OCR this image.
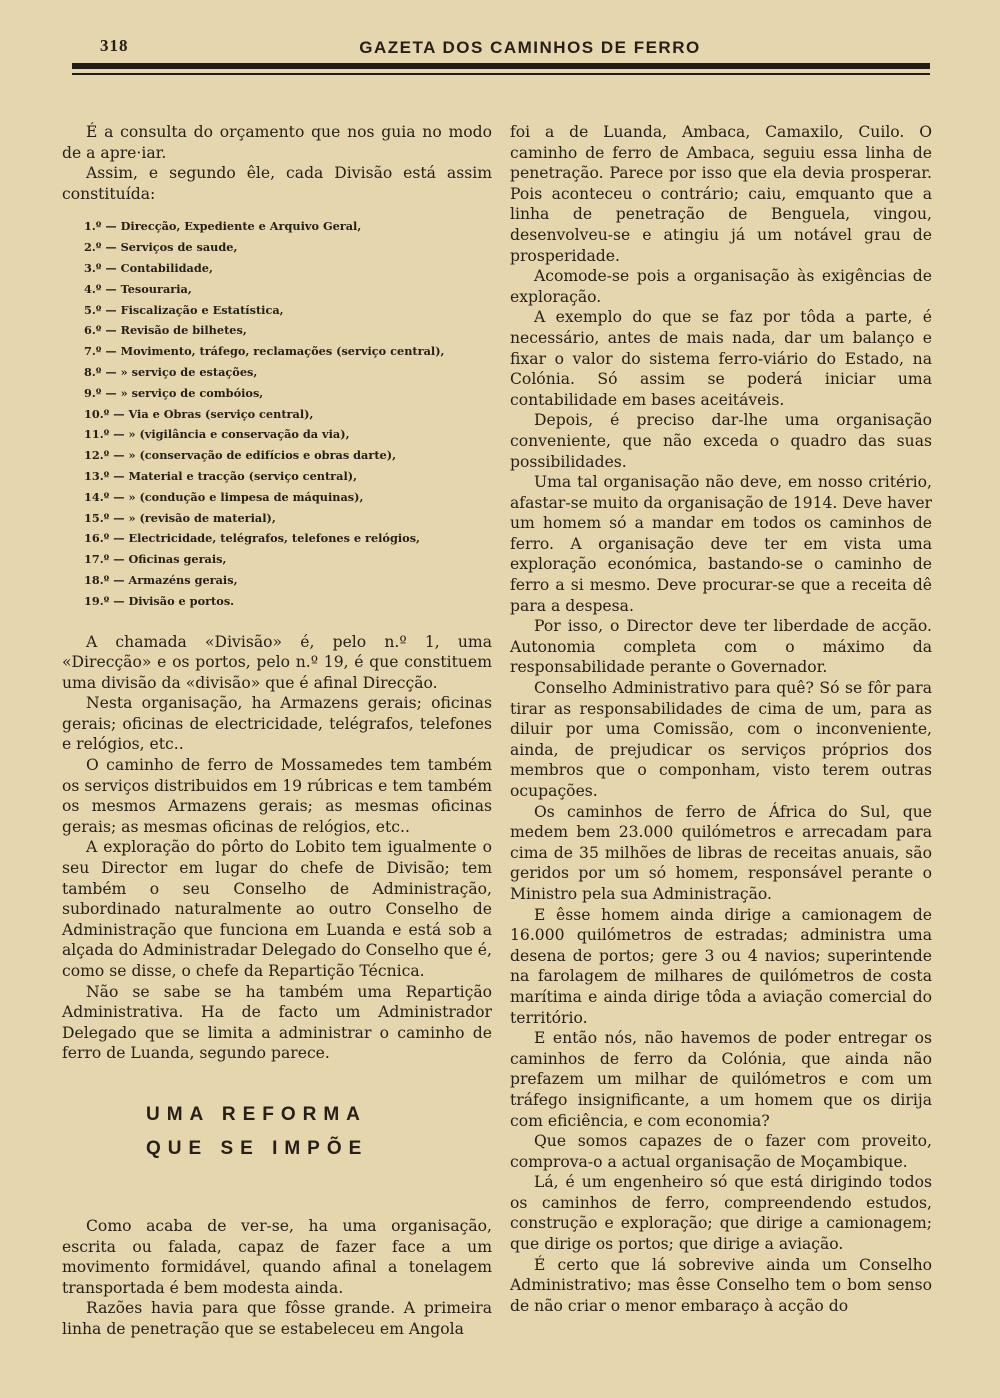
318	GAZETA DOS CAMINHOS DE FERRO

É a consulta do orçamento que nos guia no modo de a apre·iar.

Assim, e segundo êle, cada Divisão está assim constituída:

1.º — Direcção, Expediente e Arquivo Geral,
2.º — Serviços de saude,
3.º — Contabilidade,
4.º — Tesouraria,
5.º — Fiscalização e Estatística,
6.º — Revisão de bilhetes,
7.º — Movimento, tráfego, reclamações (serviço central),
8.º — » serviço de estações,
9.º — » serviço de combóios,
10.º — Via e Obras (serviço central),
11.º — » (vigilância e conservação da via),
12.º — » (conservação de edifícios e obras darte),
13.º — Material e tracção (serviço central),
14.º — » (condução e limpesa de máquinas),
15.º — » (revisão de material),
16.º — Electricidade, telégrafos, telefones e relógios,
17.º — Oficinas gerais,
18.º — Armazéns gerais,
19.º — Divisão e portos.

A chamada «Divisão» é, pelo n.º 1, uma «Direcção» e os portos, pelo n.º 19, é que constituem uma divisão da «divisão» que é afinal Direcção.

Nesta organisação, ha Armazens gerais; oficinas gerais; oficinas de electricidade, telégrafos, telefones e relógios, etc..

O caminho de ferro de Mossamedes tem também os serviços distribuidos em 19 rúbricas e tem também os mesmos Armazens gerais; as mesmas oficinas gerais; as mesmas oficinas de relógios, etc..

A exploração do pôrto do Lobito tem igualmente o seu Director em lugar do chefe de Divisão; tem também o seu Conselho de Administração, subordinado naturalmente ao outro Conselho de Administração que funciona em Luanda e está sob a alçada do Administradar Delegado do Conselho que é, como se disse, o chefe da Repartição Técnica.

Não se sabe se ha também uma Repartição Administrativa. Ha de facto um Administrador Delegado que se limita a administrar o caminho de ferro de Luanda, segundo parece.

UMA REFORMA
QUE SE IMPÕE

Como acaba de ver-se, ha uma organisação, escrita ou falada, capaz de fazer face a um movimento formidável, quando afinal a tonelagem transportada é bem modesta ainda.

Razões havia para que fôsse grande. A primeira linha de penetração que se estabeleceu em Angola

foi a de Luanda, Ambaca, Camaxilo, Cuilo. O caminho de ferro de Ambaca, seguiu essa linha de penetração. Parece por isso que ela devia prosperar. Pois aconteceu o contrário; caiu, emquanto que a linha de penetração de Benguela, vingou, desenvolveu-se e atingiu já um notável grau de prosperidade.

Acomode-se pois a organisação às exigências de exploração.

A exemplo do que se faz por tôda a parte, é necessário, antes de mais nada, dar um balanço e fixar o valor do sistema ferro-viário do Estado, na Colónia. Só assim se poderá iniciar uma contabilidade em bases aceitáveis.

Depois, é preciso dar-lhe uma organisação conveniente, que não exceda o quadro das suas possibilidades.

Uma tal organisação não deve, em nosso critério, afastar-se muito da organisação de 1914. Deve haver um homem só a mandar em todos os caminhos de ferro. A organisação deve ter em vista uma exploração económica, bastando-se o caminho de ferro a si mesmo. Deve procurar-se que a receita dê para a despesa.

Por isso, o Director deve ter liberdade de acção. Autonomia completa com o máximo da responsabilidade perante o Governador.

Conselho Administrativo para quê? Só se fôr para tirar as responsabilidades de cima de um, para as diluir por uma Comissão, com o inconveniente, ainda, de prejudicar os serviços próprios dos membros que o componham, visto terem outras ocupações.

Os caminhos de ferro de África do Sul, que medem bem 23.000 quilómetros e arrecadam para cima de 35 milhões de libras de receitas anuais, são geridos por um só homem, responsável perante o Ministro pela sua Administração.

E êsse homem ainda dirige a camionagem de 16.000 quilómetros de estradas; administra uma desena de portos; gere 3 ou 4 navios; superintende na farolagem de milhares de quilómetros de costa marítima e ainda dirige tôda a aviação comercial do território.

E então nós, não havemos de poder entregar os caminhos de ferro da Colónia, que ainda não prefazem um milhar de quilómetros e com um tráfego insignificante, a um homem que os dirija com eficiência, e com economia?

Que somos capazes de o fazer com proveito, comprova-o a actual organisação de Moçambique.

Lá, é um engenheiro só que está dirigindo todos os caminhos de ferro, compreendendo estudos, construção e exploração; que dirige a camionagem; que dirige os portos; que dirige a aviação.

É certo que lá sobrevive ainda um Conselho Administrativo; mas êsse Conselho tem o bom senso de não criar o menor embaraço à acção do
